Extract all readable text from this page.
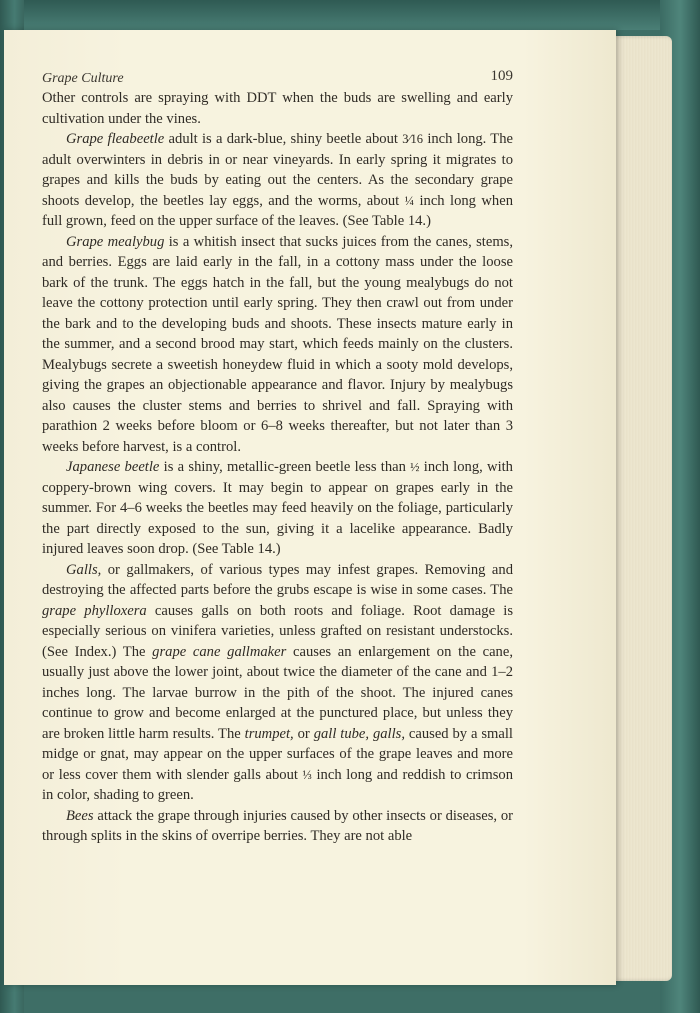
Grape Culture	109

Other controls are spraying with DDT when the buds are swelling and early cultivation under the vines.

Grape fleabeetle adult is a dark-blue, shiny beetle about 3⁄16 inch long. The adult overwinters in debris in or near vineyards. In early spring it migrates to grapes and kills the buds by eating out the centers. As the secondary grape shoots develop, the beetles lay eggs, and the worms, about ¼ inch long when full grown, feed on the upper surface of the leaves. (See Table 14.)

Grape mealybug is a whitish insect that sucks juices from the canes, stems, and berries. Eggs are laid early in the fall, in a cottony mass under the loose bark of the trunk. The eggs hatch in the fall, but the young mealybugs do not leave the cottony protection until early spring. They then crawl out from under the bark and to the developing buds and shoots. These insects mature early in the summer, and a second brood may start, which feeds mainly on the clusters. Mealybugs secrete a sweetish honeydew fluid in which a sooty mold develops, giving the grapes an objectionable appearance and flavor. Injury by mealybugs also causes the cluster stems and berries to shrivel and fall. Spraying with parathion 2 weeks before bloom or 6–8 weeks thereafter, but not later than 3 weeks before harvest, is a control.

Japanese beetle is a shiny, metallic-green beetle less than ½ inch long, with coppery-brown wing covers. It may begin to appear on grapes early in the summer. For 4–6 weeks the beetles may feed heavily on the foliage, particularly the part directly exposed to the sun, giving it a lacelike appearance. Badly injured leaves soon drop. (See Table 14.)

Galls, or gallmakers, of various types may infest grapes. Removing and destroying the affected parts before the grubs escape is wise in some cases. The grape phylloxera causes galls on both roots and foliage. Root damage is especially serious on vinifera varieties, unless grafted on resistant understocks. (See Index.) The grape cane gallmaker causes an enlargement on the cane, usually just above the lower joint, about twice the diameter of the cane and 1–2 inches long. The larvae burrow in the pith of the shoot. The injured canes continue to grow and become enlarged at the punctured place, but unless they are broken little harm results. The trumpet, or gall tube, galls, caused by a small midge or gnat, may appear on the upper surfaces of the grape leaves and more or less cover them with slender galls about ⅓ inch long and reddish to crimson in color, shading to green.

Bees attack the grape through injuries caused by other insects or diseases, or through splits in the skins of overripe berries. They are not able
